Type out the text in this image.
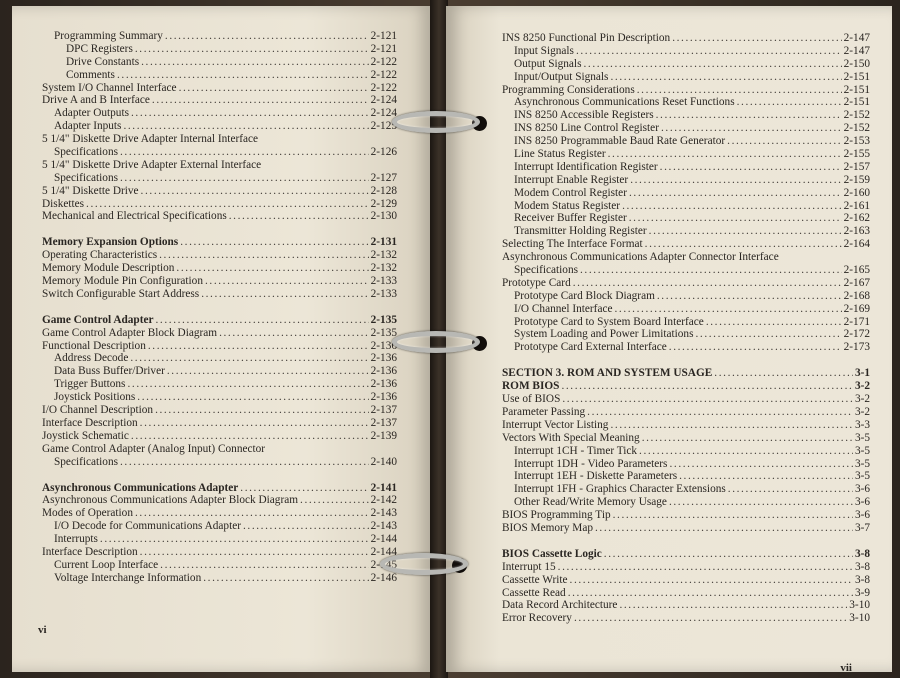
Programming Summary .....	2-121
DPC Registers .....	2-121
Drive Constants .....	2-122
Comments .....	2-122
System I/O Channel Interface .....	2-122
Drive A and B Interface .....	2-124
Adapter Outputs .....	2-124
Adapter Inputs .....	2-125
5 1/4" Diskette Drive Adapter Internal Interface
Specifications .....	2-126
5 1/4" Diskette Drive Adapter External Interface
Specifications .....	2-127
5 1/4" Diskette Drive .....	2-128
Diskettes .....	2-129
Mechanical and Electrical Specifications .....	2-130
Memory Expansion Options .....	2-131
Operating Characteristics .....	2-132
Memory Module Description .....	2-132
Memory Module Pin Configuration .....	2-133
Switch Configurable Start Address .....	2-133
Game Control Adapter .....	2-135
Game Control Adapter Block Diagram .....	2-135
Functional Description .....	2-136
Address Decode .....	2-136
Data Buss Buffer/Driver .....	2-136
Trigger Buttons .....	2-136
Joystick Positions .....	2-136
I/O Channel Description .....	2-137
Interface Description .....	2-137
Joystick Schematic .....	2-139
Game Control Adapter (Analog Input) Connector
Specifications .....	2-140
Asynchronous Communications Adapter .....	2-141
Asynchronous Communications Adapter Block Diagram .....	2-142
Modes of Operation .....	2-143
I/O Decode for Communications Adapter .....	2-143
Interrupts .....	2-144
Interface Description .....	2-144
Current Loop Interface .....	2-145
Voltage Interchange Information .....	2-146
vi
INS 8250 Functional Pin Description .....	2-147
Input Signals .....	2-147
Output Signals .....	2-150
Input/Output Signals .....	2-151
Programming Considerations .....	2-151
Asynchronous Communications Reset Functions .....	2-151
INS 8250 Accessible Registers .....	2-152
INS 8250 Line Control Register .....	2-152
INS 8250 Programmable Baud Rate Generator .....	2-153
Line Status Register .....	2-155
Interrupt Identification Register .....	2-157
Interrupt Enable Register .....	2-159
Modem Control Register .....	2-160
Modem Status Register .....	2-161
Receiver Buffer Register .....	2-162
Transmitter Holding Register .....	2-163
Selecting The Interface Format .....	2-164
Asynchronous Communications Adapter Connector Interface
Specifications .....	2-165
Prototype Card .....	2-167
Prototype Card Block Diagram .....	2-168
I/O Channel Interface .....	2-169
Prototype Card to System Board Interface .....	2-171
System Loading and Power Limitations .....	2-172
Prototype Card External Interface .....	2-173
SECTION 3. ROM AND SYSTEM USAGE .....	3-1
ROM BIOS .....	3-2
Use of BIOS .....	3-2
Parameter Passing .....	3-2
Interrupt Vector Listing .....	3-3
Vectors With Special Meaning .....	3-5
Interrupt 1CH - Timer Tick .....	3-5
Interrupt 1DH - Video Parameters .....	3-5
Interrupt 1EH - Diskette Parameters .....	3-5
Interrupt 1FH - Graphics Character Extensions .....	3-6
Other Read/Write Memory Usage .....	3-6
BIOS Programming Tip .....	3-6
BIOS Memory Map .....	3-7
BIOS Cassette Logic .....	3-8
Interrupt 15 .....	3-8
Cassette Write .....	3-8
Cassette Read .....	3-9
Data Record Architecture .....	3-10
Error Recovery .....	3-10
vii
